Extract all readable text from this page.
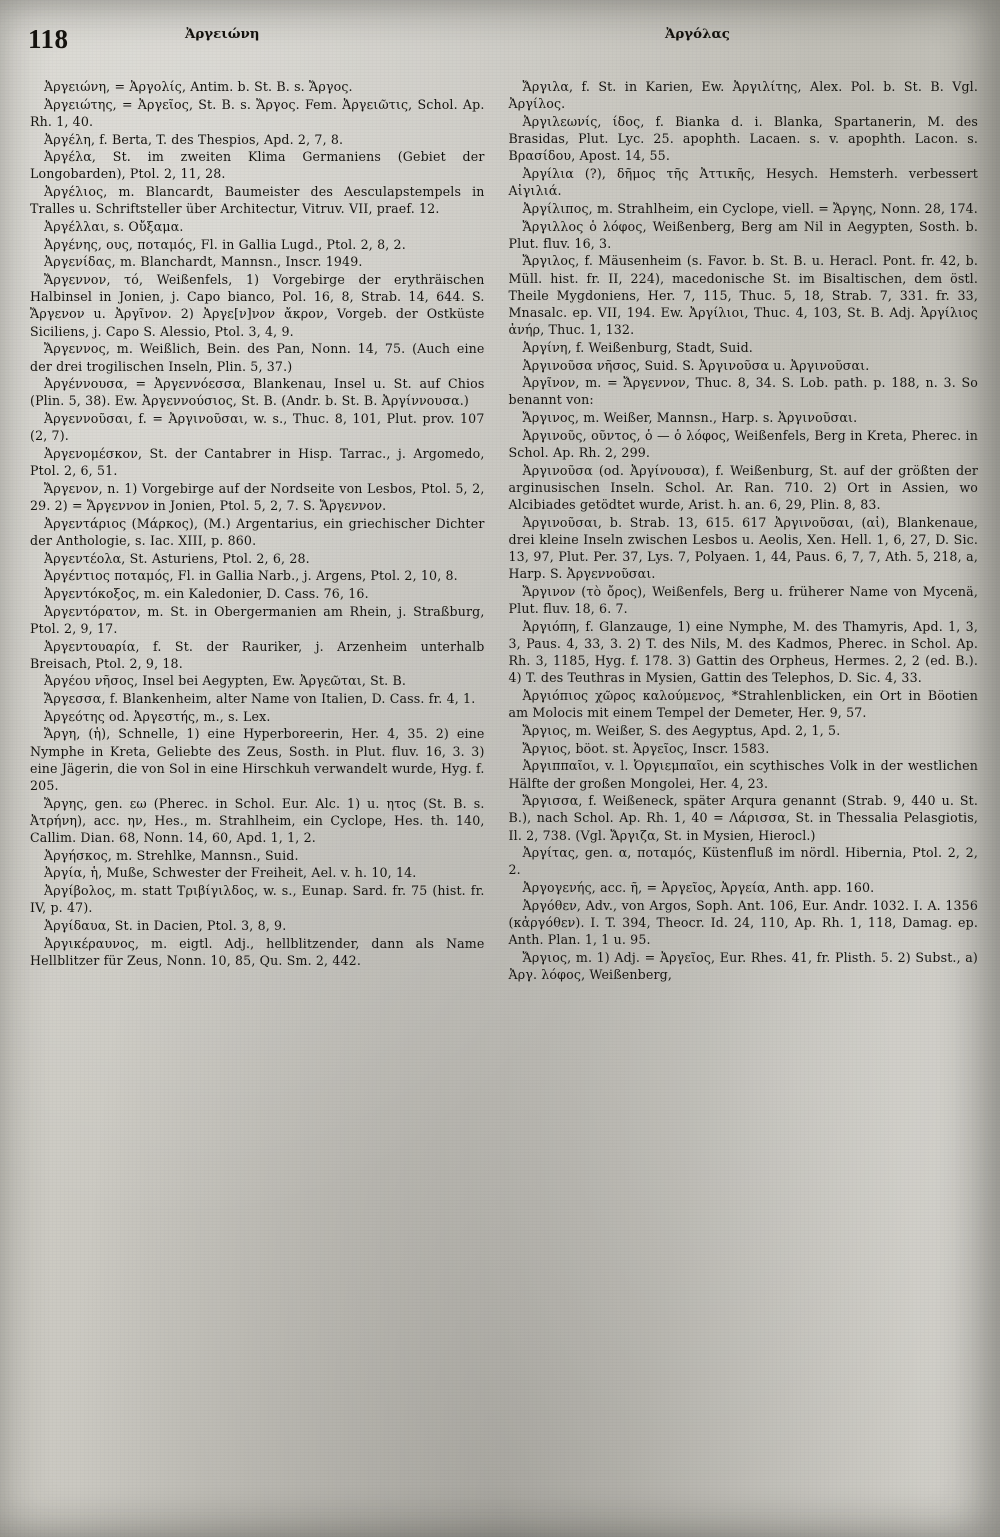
118	Ἀργειώνη	Ἀργόλας

Ἀργειώνη, = Ἀργολίς, Antim. b. St. B. s. Ἄργος.

Ἀργειώτης, = Ἀργεῖος, St. B. s. Ἄργος. Fem. Ἀργειῶτις, Schol. Ap. Rh. 1, 40.

Ἀργέλη, f. Berta, T. des Thespios, Apd. 2, 7, 8.

Ἀργέλα, St. im zweiten Klima Germaniens (Gebiet der Longobarden), Ptol. 2, 11, 28.

Ἀργέλιος, m. Blancardt, Baumeister des Aesculapstempels in Tralles u. Schriftsteller über Architectur, Vitruv. VII, praef. 12.

Ἀργέλλαι, s. Οὔξαμα.

Ἀργένης, ους, ποταμός, Fl. in Gallia Lugd., Ptol. 2, 8, 2.

Ἀργενίδας, m. Blanchardt, Mannsn., Inscr. 1949.

Ἄργεννον, τό, Weißenfels, 1) Vorgebirge der erythräischen Halbinsel in Jonien, j. Capo bianco, Pol. 16, 8, Strab. 14, 644. S. Ἄργενον u. Ἀργῖνον. 2) Ἀργε[ν]νον ἄκρον, Vorgeb. der Ostküste Siciliens, j. Capo S. Alessio, Ptol. 3, 4, 9.

Ἄργεννος, m. Weißlich, Bein. des Pan, Nonn. 14, 75. (Auch eine der drei trogilischen Inseln, Plin. 5, 37.)

Ἀργέννουσα, = Ἀργεννόεσσα, Blankenau, Insel u. St. auf Chios (Plin. 5, 38). Ew. Ἀργεννούσιος, St. B. (Andr. b. St. B. Ἀργίννουσα.)

Ἀργεννοῦσαι, f. = Ἀργινοῦσαι, w. s., Thuc. 8, 101, Plut. prov. 107 (2, 7).

Ἀργενομέσκον, St. der Cantabrer in Hisp. Tarrac., j. Argomedo, Ptol. 2, 6, 51.

Ἄργενον, n. 1) Vorgebirge auf der Nordseite von Lesbos, Ptol. 5, 2, 29. 2) = Ἄργεννον in Jonien, Ptol. 5, 2, 7. S. Ἄργεννον.

Ἀργεντάριος (Μάρκος), (M.) Argentarius, ein griechischer Dichter der Anthologie, s. Iac. XIII, p. 860.

Ἀργεντέολα, St. Asturiens, Ptol. 2, 6, 28.

Ἀργέντιος ποταμός, Fl. in Gallia Narb., j. Argens, Ptol. 2, 10, 8.

Ἀργεντόκοξος, m. ein Kaledonier, D. Cass. 76, 16.

Ἀργεντόρατον, m. St. in Obergermanien am Rhein, j. Straßburg, Ptol. 2, 9, 17.

Ἀργεντουαρία, f. St. der Rauriker, j. Arzenheim unterhalb Breisach, Ptol. 2, 9, 18.

Ἀργέου νῆσος, Insel bei Aegypten, Ew. Ἀργεῶται, St. B.

Ἄργεσσα, f. Blankenheim, alter Name von Italien, D. Cass. fr. 4, 1.

Ἀργεότης od. Ἀργεστής, m., s. Lex.

Ἄργη, (ἡ), Schnelle, 1) eine Hyperboreerin, Her. 4, 35. 2) eine Nymphe in Kreta, Geliebte des Zeus, Sosth. in Plut. fluv. 16, 3. 3) eine Jägerin, die von Sol in eine Hirschkuh verwandelt wurde, Hyg. f. 205.

Ἄργης, gen. εω (Pherec. in Schol. Eur. Alc. 1) u. ητος (St. B. s. Ἀτρήνη), acc. ην, Hes., m. Strahlheim, ein Cyclope, Hes. th. 140, Callim. Dian. 68, Nonn. 14, 60, Apd. 1, 1, 2.

Ἀργήσκος, m. Strehlke, Mannsn., Suid.

Ἀργία, ἡ, Muße, Schwester der Freiheit, Ael. v. h. 10, 14.

Ἀργίβολος, m. statt Τριβίγιλδος, w. s., Eunap. Sard. fr. 75 (hist. fr. IV, p. 47).

Ἀργίδαυα, St. in Dacien, Ptol. 3, 8, 9.

Ἀργικέραυνος, m. eigtl. Adj., hellblitzender, dann als Name Hellblitzer für Zeus, Nonn. 10, 85, Qu. Sm. 2, 442.

Ἄργιλα, f. St. in Karien, Ew. Ἀργιλίτης, Alex. Pol. b. St. B. Vgl. Ἀργίλος.

Ἀργιλεωνίς, ίδος, f. Bianka d. i. Blanka, Spartanerin, M. des Brasidas, Plut. Lyc. 25. apophth. Lacaen. s. v. apophth. Lacon. s. Βρασίδου, Apost. 14, 55.

Ἀργίλια (?), δῆμος τῆς Ἀττικῆς, Hesych. Hemsterh. verbessert Αἰγιλιά.

Ἀργίλιπος, m. Strahlheim, ein Cyclope, viell. = Ἄργης, Nonn. 28, 174.

Ἄργιλλος ὁ λόφος, Weißenberg, Berg am Nil in Aegypten, Sosth. b. Plut. fluv. 16, 3.

Ἄργιλος, f. Mäusenheim (s. Favor. b. St. B. u. Heracl. Pont. fr. 42, b. Müll. hist. fr. II, 224), macedonische St. im Bisaltischen, dem östl. Theile Mygdoniens, Her. 7, 115, Thuc. 5, 18, Strab. 7, 331. fr. 33, Mnasalc. ep. VII, 194. Ew. Ἀργίλιοι, Thuc. 4, 103, St. B. Adj. Ἀργίλιος ἀνήρ, Thuc. 1, 132.

Ἀργίνη, f. Weißenburg, Stadt, Suid.

Ἀργινοῦσα νῆσος, Suid. S. Ἀργινοῦσα u. Ἀργινοῦσαι.

Ἀργῖνον, m. = Ἄργεννον, Thuc. 8, 34. S. Lob. path. p. 188, n. 3. So benannt von:

Ἄργινος, m. Weißer, Mannsn., Harp. s. Ἀργινοῦσαι.

Ἀργινοῦς, οῦντος, ὁ — ὁ λόφος, Weißenfels, Berg in Kreta, Pherec. in Schol. Ap. Rh. 2, 299.

Ἀργινοῦσα (od. Ἀργίνουσα), f. Weißenburg, St. auf der größten der arginusischen Inseln. Schol. Ar. Ran. 710. 2) Ort in Assien, wo Alcibiades getödtet wurde, Arist. h. an. 6, 29, Plin. 8, 83.

Ἀργινοῦσαι, b. Strab. 13, 615. 617 Ἀργινοῦσαι, (αἱ), Blankenaue, drei kleine Inseln zwischen Lesbos u. Aeolis, Xen. Hell. 1, 6, 27, D. Sic. 13, 97, Plut. Per. 37, Lys. 7, Polyaen. 1, 44, Paus. 6, 7, 7, Ath. 5, 218, a, Harp. S. Ἀργεννοῦσαι.

Ἄργινον (τὸ ὄρος), Weißenfels, Berg u. früherer Name von Mycenä, Plut. fluv. 18, 6. 7.

Ἀργιόπη, f. Glanzauge, 1) eine Nymphe, M. des Thamyris, Apd. 1, 3, 3, Paus. 4, 33, 3. 2) T. des Nils, M. des Kadmos, Pherec. in Schol. Ap. Rh. 3, 1185, Hyg. f. 178. 3) Gattin des Orpheus, Hermes. 2, 2 (ed. B.). 4) T. des Teuthras in Mysien, Gattin des Telephos, D. Sic. 4, 33.

Ἀργιόπιος χῶρος καλούμενος, *Strahlenblicken, ein Ort in Böotien am Molocis mit einem Tempel der Demeter, Her. 9, 57.

Ἄργιος, m. Weißer, S. des Aegyptus, Apd. 2, 1, 5.

Ἄργιος, böot. st. Ἀργεῖος, Inscr. 1583.

Ἀργιππαῖοι, v. l. Ὀργιεμπαῖοι, ein scythisches Volk in der westlichen Hälfte der großen Mongolei, Her. 4, 23.

Ἄργισσα, f. Weißeneck, später Arqura genannt (Strab. 9, 440 u. St. B.), nach Schol. Ap. Rh. 1, 40 = Λάρισσα, St. in Thessalia Pelasgiotis, Il. 2, 738. (Vgl. Ἄργιζα, St. in Mysien, Hierocl.)

Ἀργίτας, gen. α, ποταμός, Küstenfluß im nördl. Hibernia, Ptol. 2, 2, 2.

Ἀργογενής, acc. ῆ, = Ἀργεῖος, Ἀργεία, Anth. app. 160.

Ἀργόθεν, Adv., von Argos, Soph. Ant. 106, Eur. Andr. 1032. I. A. 1356 (κἀργόθεν). I. T. 394, Theocr. Id. 24, 110, Ap. Rh. 1, 118, Damag. ep. Anth. Plan. 1, 1 u. 95.

Ἄργιος, m. 1) Adj. = Ἀργεῖος, Eur. Rhes. 41, fr. Plisth. 5. 2) Subst., a) Ἀργ. λόφος, Weißenberg,
